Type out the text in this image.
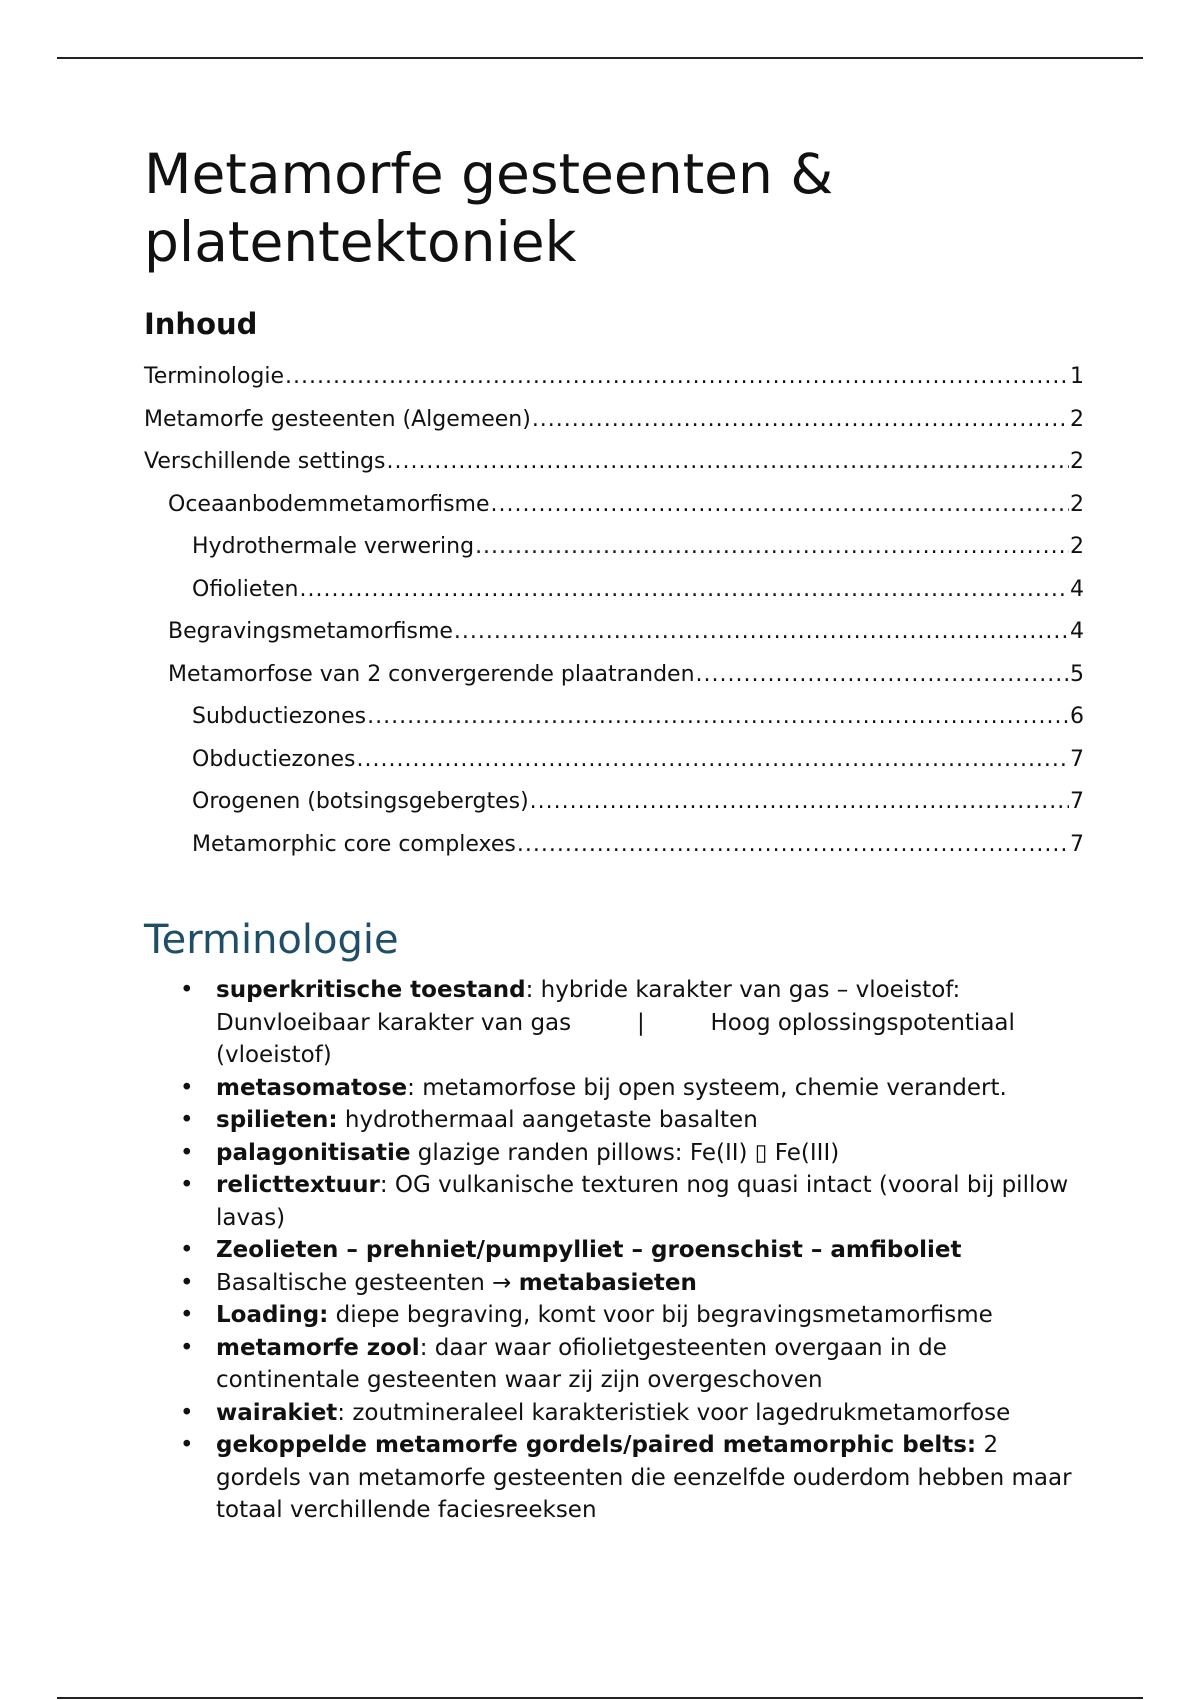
Metamorfe gesteenten & platentektoniek
Inhoud
Terminologie .....	1
Metamorfe gesteenten (Algemeen) .....	2
Verschillende settings .....	2
Oceaanbodemmetamorfisme .....	2
Hydrothermale verwering .....	2
Ofiolieten .....	4
Begravingsmetamorfisme .....	4
Metamorfose van 2 convergerende plaatranden .....	5
Subductiezones .....	6
Obductiezones .....	7
Orogenen (botsingsgebergtes) .....	7
Metamorphic core complexes .....	7
Terminologie
• superkritische toestand: hybride karakter van gas – vloeistof:
Dunvloeibaar karakter van gas	|	Hoog oplossingspotentiaal
(vloeistof)
• metasomatose: metamorfose bij open systeem, chemie verandert.
• spilieten: hydrothermaal aangetaste basalten
• palagonitisatie glazige randen pillows: Fe(II) ▯ Fe(III)
• relicttextuur: OG vulkanische texturen nog quasi intact (vooral bij pillow lavas)
• Zeolieten – prehniet/pumpylliet – groenschist – amfiboliet
• Basaltische gesteenten → metabasieten
• Loading: diepe begraving, komt voor bij begravingsmetamorfisme
• metamorfe zool: daar waar ofiolietgesteenten overgaan in de continentale gesteenten waar zij zijn overgeschoven
• wairakiet: zoutmineraleel karakteristiek voor lagedrukmetamorfose
• gekoppelde metamorfe gordels/paired metamorphic belts: 2 gordels van metamorfe gesteenten die eenzelfde ouderdom hebben maar totaal verchillende faciesreeksen
